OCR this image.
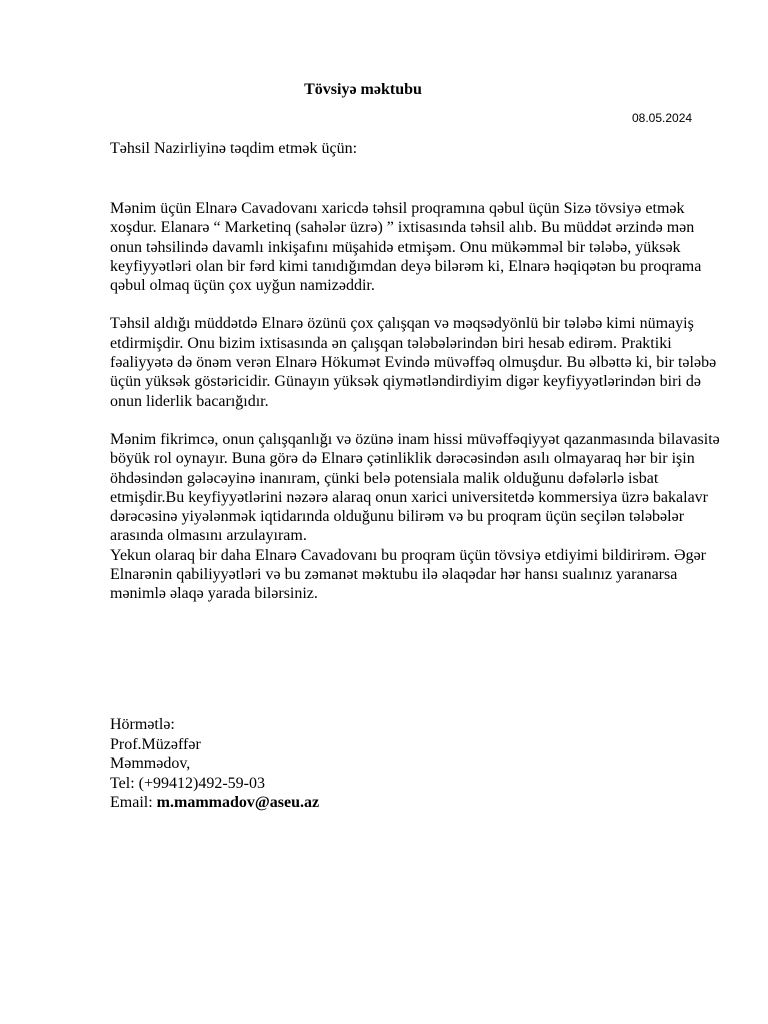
Tövsiyə məktubu
08.05.2024
Təhsil Nazirliyinə təqdim etmək üçün:

Mənim üçün Elnarə Cavadovanı xaricdə təhsil proqramına qəbul üçün Sizə tövsiyə etmək xoşdur. Elanarə “ Marketinq (sahələr üzrə) ” ixtisasında təhsil alıb. Bu müddət ərzində mən onun təhsilində davamlı inkişafını müşahidə etmişəm. Onu mükəmməl bir tələbə, yüksək keyfiyyətləri olan bir fərd kimi tanıdığımdan deyə bilərəm ki, Elnarə həqiqətən bu proqrama qəbul olmaq üçün çox uyğun namizəddir.

Təhsil aldığı müddətdə Elnarə özünü çox çalışqan və məqsədyönlü bir tələbə kimi nümayiş etdirmişdir. Onu bizim ixtisasında ən çalışqan tələbələrindən biri hesab edirəm. Praktiki fəaliyyətə də önəm verən Elnarə Hökumət Evində müvəffəq olmuşdur. Bu əlbəttə ki, bir tələbə üçün yüksək göstəricidir. Günayın yüksək qiymətləndirdiyim digər keyfiyyətlərindən biri də onun liderlik bacarığıdır.

Mənim fikrimcə, onun çalışqanlığı və özünə inam hissi müvəffəqiyyət qazanmasında bilavasitə böyük rol oynayır. Buna görə də Elnarə çətinliklik dərəcəsindən asılı olmayaraq hər bir işin öhdəsindən gələcəyinə inanıram, çünki belə potensiala malik olduğunu dəfələrlə isbat etmişdir.Bu keyfiyyətlərini nəzərə alaraq onun xarici universitetdə kommersiya üzrə bakalavr dərəcəsinə yiyələnmək iqtidarında olduğunu bilirəm və bu proqram üçün seçilən tələbələr arasında olmasını arzulayıram.

Yekun olaraq bir daha Elnarə Cavadovanı bu proqram üçün tövsiyə etdiyimi bildirirəm. Əgər Elnarənin qabiliyyətləri və bu zəmanət məktubu ilə əlaqədar hər hansı sualınız yaranarsa mənimlə əlaqə yarada bilərsiniz.

Hörmətlə:
Prof.Müzəffər
Məmmədov,
Tel: (+99412)492-59-03
Email: m.mammadov@aseu.az
